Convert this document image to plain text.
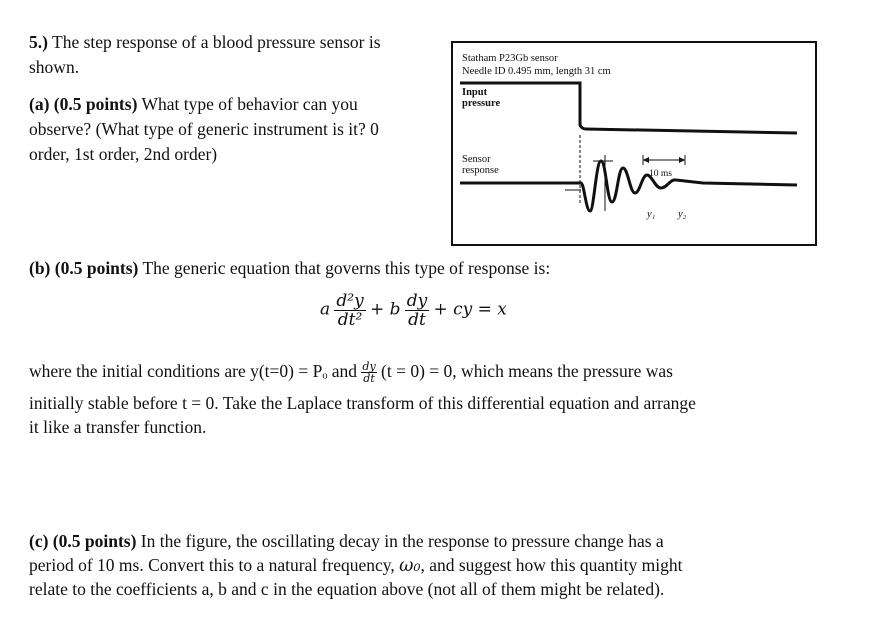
5.) The step response of a blood pressure sensor is
shown.
(a) (0.5 points) What type of behavior can you
observe? (What type of generic instrument is it? 0
order, 1st order, 2nd order)
Statham P23Gb sensor
Needle ID 0.495 mm, length 31 cm
Input
pressure
Sensor
response
y₁ y₂
10 ms
(b) (0.5 points) The generic equation that governs this type of response is:
a $\frac{\text{d²y}}{\text{dt²}} + b \frac{dy}{dt}$ + cy = x
where the initial conditions are y(t=0) = Pₒ and $\frac{dy}{dt} (t = 0) = 0$, which means the pressure was
initially stable before t = 0. Take the Laplace transform of this differential equation and arrange
it like a transfer function.
(c) (0.5 points) In the figure, the oscillating decay in the response to pressure change has a
period of 10 ms. Convert this to a natural frequency, ω₀, and suggest how this quantity might
relate to the coefficients a, b and c in the equation above (not all of them might be related).
